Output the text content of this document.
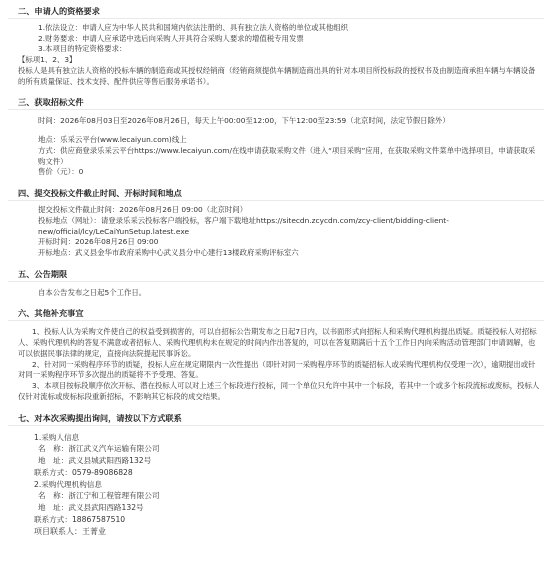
二、申请人的资格要求

1.依法设立：申请人应为中华人民共和国境内依法注册的、具有独立法人资格的单位或其他组织

2.财务要求：申请人应承诺中选后向采购人开具符合采购人要求的增值税专用发票

3.本项目的特定资格要求：

【标项1、2、3】

投标人是具有独立法人资格的投标车辆的制造商或其授权经销商（经销商须提供车辆制造商出具的针对本项目所投标段的授权书及由制造商承担车辆与车辆设备的所有质量保证、技术支持、配件供应等售后服务承诺书）。

三、获取招标文件

时间：2026年08月03日至2026年08月26日，每天上午00:00至12:00，下午12:00至23:59（北京时间，法定节假日除外）

地点：乐采云平台(www.lecaiyun.com)线上

方式：供应商登录乐采云平台https://www.lecaiyun.com/在线申请获取采购文件（进入“项目采购”应用，在获取采购文件菜单中选择项目，申请获取采购文件）

售价（元）：0

四、提交投标文件截止时间、开标时间和地点

提交投标文件截止时间：2026年08月26日 09:00（北京时间）

投标地点（网址）：请登录乐采云投标客户端投标，客户端下载地址https://sitecdn.zcycdn.com/zcy-client/bidding-client-new/official/lcy/LeCaiYunSetup.latest.exe

开标时间：2026年08月26日 09:00

开标地点：武义县金华市政府采购中心武义县分中心建行13楼政府采购评标室六

五、公告期限

自本公告发布之日起5个工作日。

六、其他补充事宜

1、投标人认为采购文件使自己的权益受到损害的，可以自招标公告期发布之日起7日内，以书面形式向招标人和采购代理机构提出质疑。质疑投标人对招标人、采购代理机构的答复不满意或者招标人、采购代理机构未在规定的时间内作出答复的，可以在答复期满后十五个工作日内向采购活动管理部门申请调解，也可以依据民事法律的规定，直接向法院提起民事诉讼。

2、针对同一采购程序环节的质疑，投标人应在规定期限内一次性提出（即针对同一采购程序环节的质疑招标人或采购代理机构仅受理一次），逾期提出或针对同一采购程序环节多次提出的质疑将不予受理、答复。

3、本项目按标段顺序依次开标、潜在投标人可以对上述三个标段进行投标，同一个单位只允许中其中一个标段，若其中一个或多个标段流标或废标，投标人仅针对流标或废标标段重新招标，不影响其它标段的成交结果。

七、对本次采购提出询问，请按以下方式联系

1.采购人信息

名　称：浙江武义汽车运输有限公司

地　址：武义县城武阳西路132号

联系方式：0579-89086828

2.采购代理机构信息

名　称：浙江宁和工程管理有限公司

地　址：武义县武阳西路132号

联系方式：18867587510

项目联系人：王菁业
